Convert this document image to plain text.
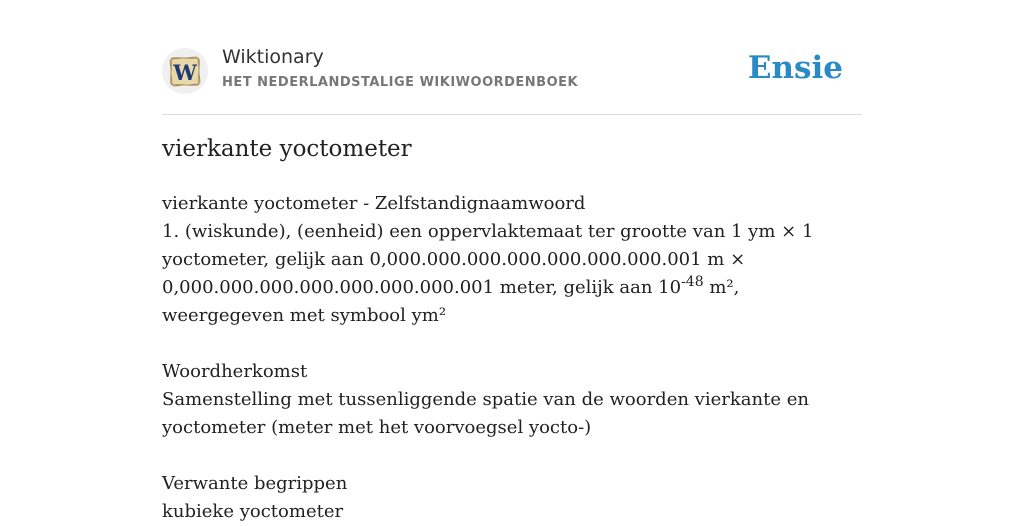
W
Wiktionary
HET NEDERLANDSTALIGE WIKIWOORDENBOEK	Ensie
vierkante yoctometer

vierkante yoctometer - Zelfstandignaamwoord

1. (wiskunde), (eenheid) een oppervlaktemaat ter grootte van 1 ym × 1 yoctometer, gelijk aan 0,000.000.000.000.000.000.000.001 m × 0,000.000.000.000.000.000.000.001 meter, gelijk aan $10^{-48}$ m², weergegeven met symbool ym²

Woordherkomst

Samenstelling met tussenliggende spatie van de woorden vierkante en yoctometer (meter met het voorvoegsel yocto-)

Verwante begrippen

kubieke yoctometer
